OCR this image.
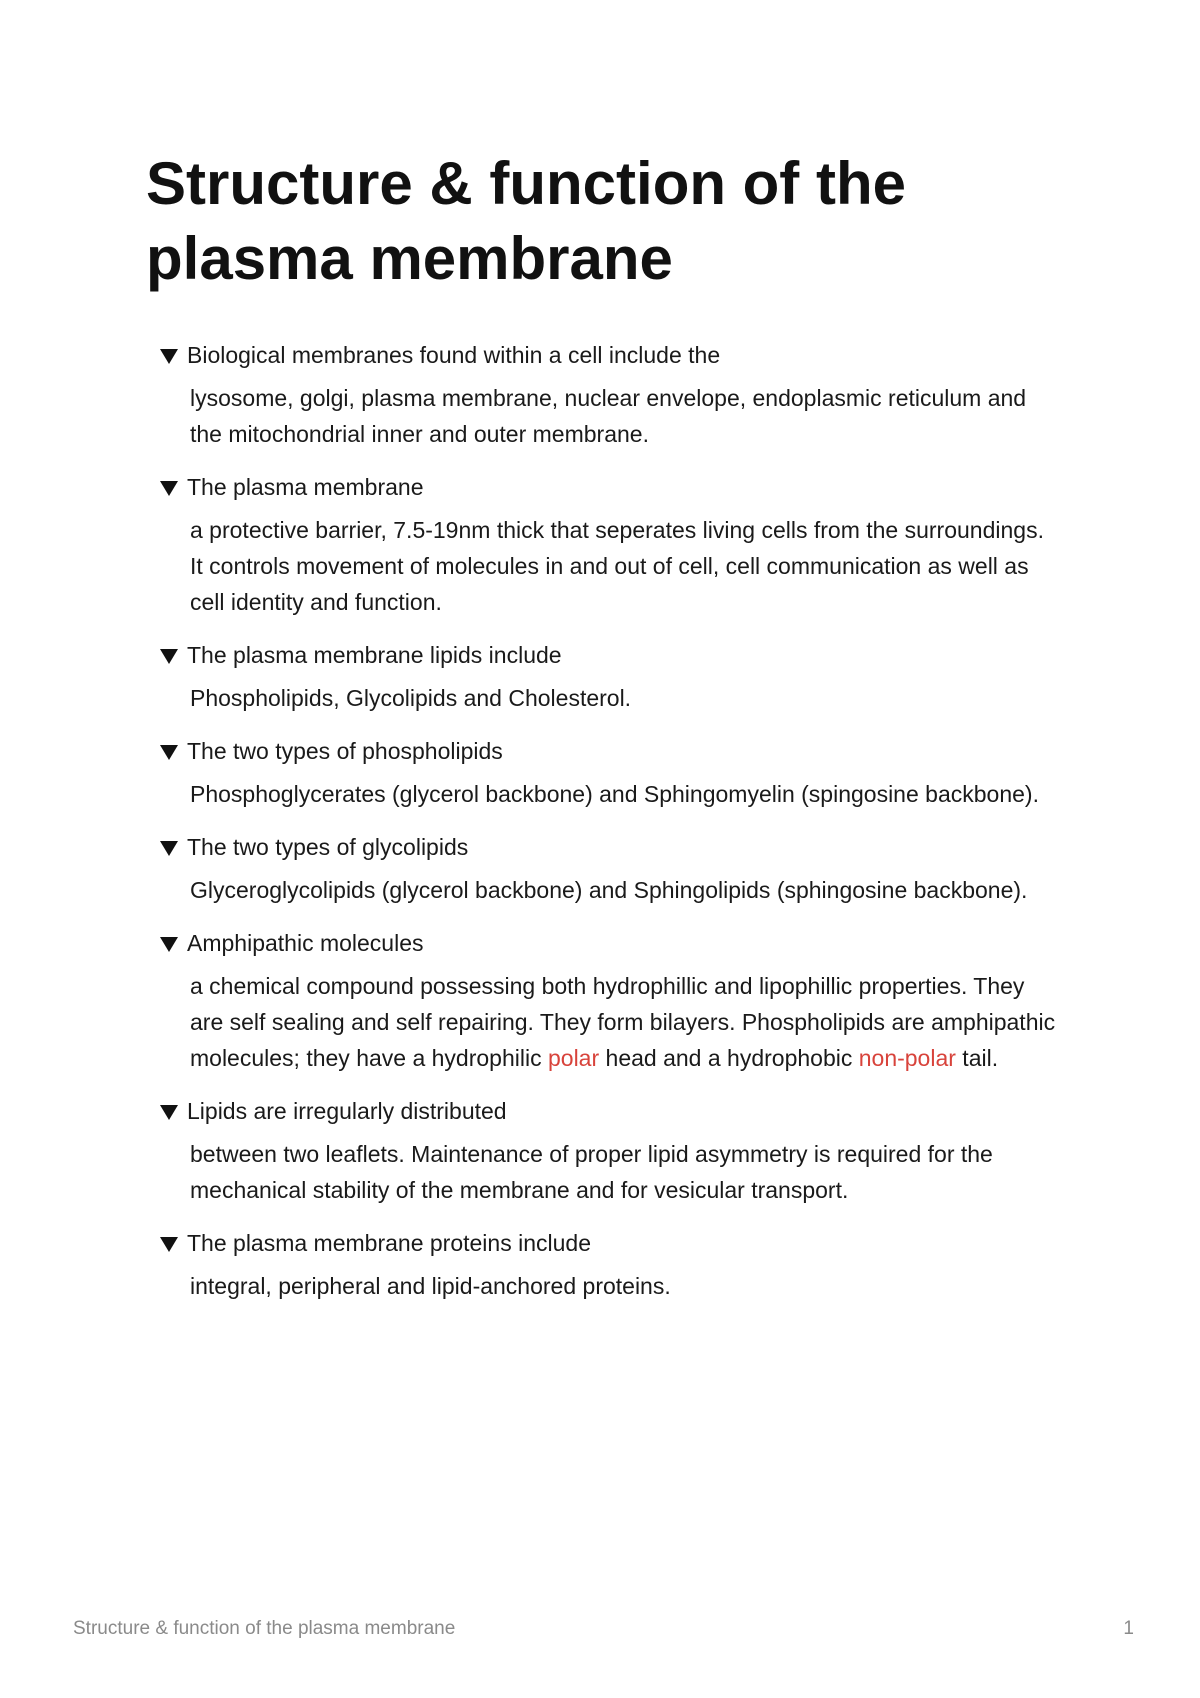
Structure & function of the plasma membrane
Biological membranes found within a cell include the
lysosome, golgi, plasma membrane, nuclear envelope, endoplasmic reticulum and the mitochondrial inner and outer membrane.
The plasma membrane
a protective barrier, 7.5-19nm thick that seperates living cells from the surroundings. It controls movement of molecules in and out of cell, cell communication as well as cell identity and function.
The plasma membrane lipids include
Phospholipids, Glycolipids and Cholesterol.
The two types of phospholipids
Phosphoglycerates (glycerol backbone) and Sphingomyelin (spingosine backbone).
The two types of glycolipids
Glyceroglycolipids (glycerol backbone) and Sphingolipids (sphingosine backbone).
Amphipathic molecules
a chemical compound possessing both hydrophillic and lipophillic properties. They are self sealing and self repairing. They form bilayers. Phospholipids are amphipathic molecules; they have a hydrophilic polar head and a hydrophobic non-polar tail.
Lipids are irregularly distributed
between two leaflets. Maintenance of proper lipid asymmetry is required for the mechanical stability of the membrane and for vesicular transport.
The plasma membrane proteins include
integral, peripheral and lipid-anchored proteins.
Structure & function of the plasma membrane	1
